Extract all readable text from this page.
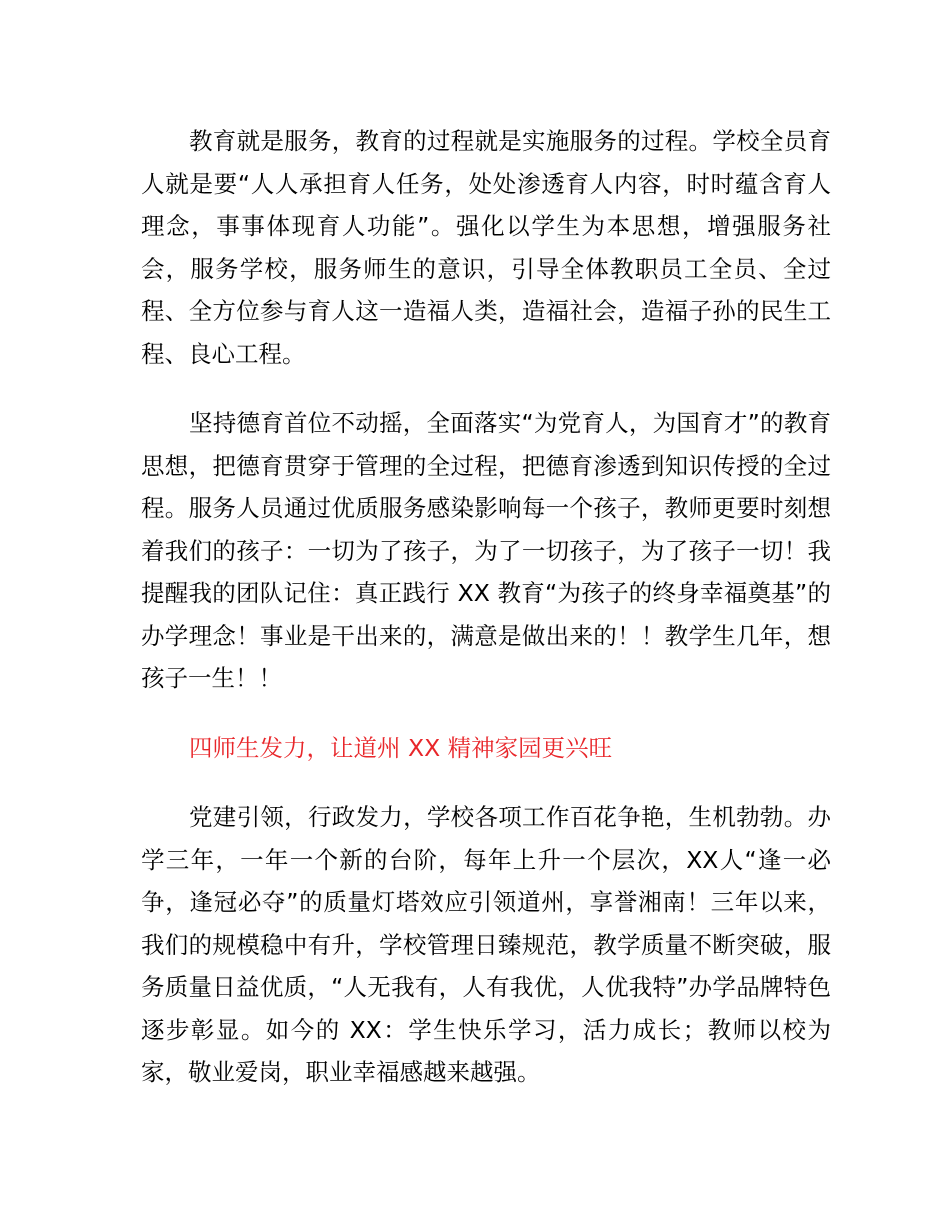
教育就是服务，教育的过程就是实施服务的过程。学校全员育人就是要“人人承担育人任务，处处渗透育人内容，时时蕴含育人理念，事事体现育人功能”。强化以学生为本思想，增强服务社会，服务学校，服务师生的意识，引导全体教职员工全员、全过程、全方位参与育人这一造福人类，造福社会，造福子孙的民生工程、良心工程。

坚持德育首位不动摇，全面落实“为党育人，为国育才”的教育思想，把德育贯穿于管理的全过程，把德育渗透到知识传授的全过程。服务人员通过优质服务感染影响每一个孩子，教师更要时刻想着我们的孩子：一切为了孩子，为了一切孩子，为了孩子一切！我提醒我的团队记住：真正践行 XX 教育“为孩子的终身幸福奠基”的办学理念！事业是干出来的，满意是做出来的！！教学生几年，想孩子一生！！

四师生发力，让道州 XX 精神家园更兴旺

党建引领，行政发力，学校各项工作百花争艳，生机勃勃。办学三年，一年一个新的台阶，每年上升一个层次，XX人“逢一必争，逢冠必夺”的质量灯塔效应引领道州，享誉湘南！三年以来，我们的规模稳中有升，学校管理日臻规范，教学质量不断突破，服务质量日益优质，“人无我有，人有我优，人优我特”办学品牌特色逐步彰显。如今的 XX：学生快乐学习，活力成长；教师以校为家，敬业爱岗，职业幸福感越来越强。
